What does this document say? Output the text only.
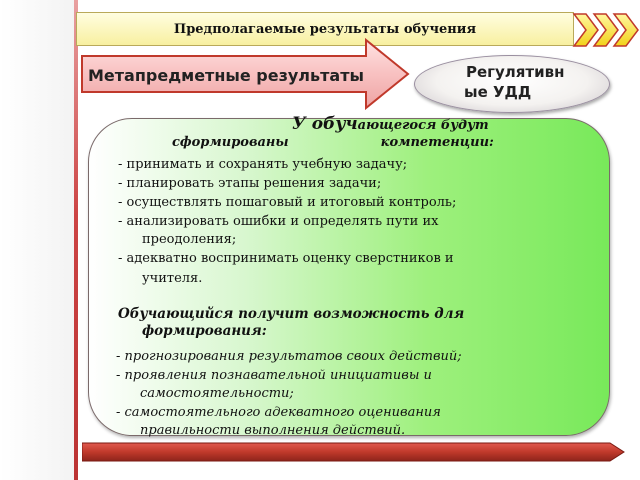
Предполагаемые результаты обучения
Метапредметные результаты	Регулятивн
ые УДД
У обучающегося будут
сформированы	компетенции:
- принимать и сохранять учебную задачу;
- планировать этапы решения задачи;
- осуществлять пошаговый и итоговый контроль;
- анализировать ошибки и определять пути их
преодоления;
- адекватно воспринимать оценку сверстников и
учителя.
Обучающийся получит возможность для
формирования:
- прогнозирования результатов своих действий;
- проявления познавательной инициативы и
самостоятельности;
- самостоятельного адекватного оценивания
правильности выполнения действий.
